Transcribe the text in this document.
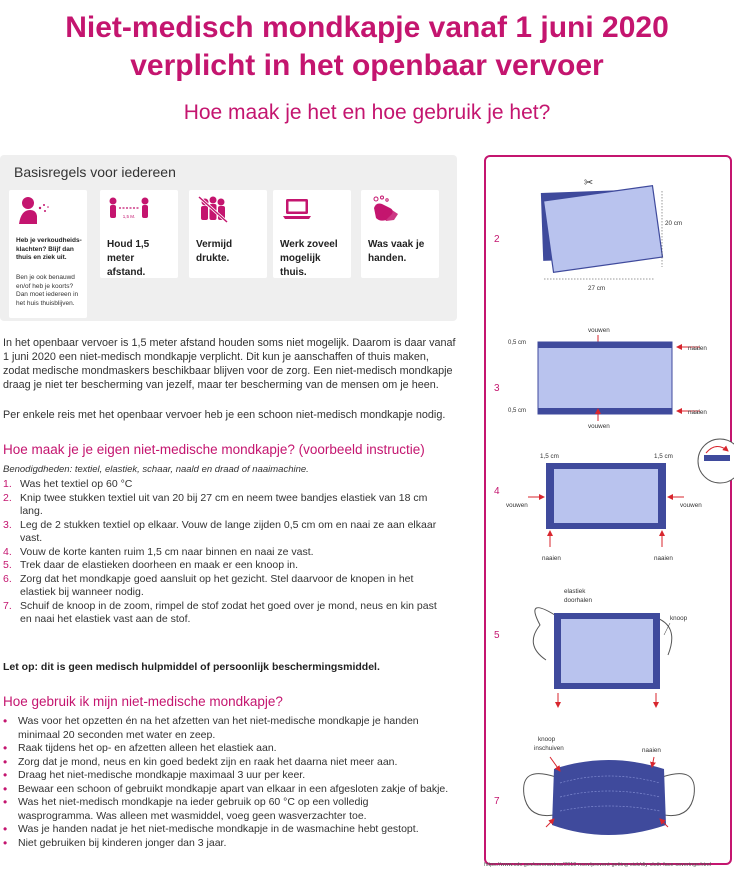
Niet-medisch mondkapje vanaf 1 juni 2020
verplicht in het openbaar vervoer
Hoe maak je het en hoe gebruik je het?
Basisregels voor iedereen
Heb je verkoudheids-klachten? Blijf dan thuis en ziek uit.
Ben je ook benauwd en/of heb je koorts? Dan moet iedereen in het huis thuisblijven.
1,5 M.
Houd 1,5 meter afstand.
Vermijd drukte.
Werk zoveel mogelijk thuis.
Was vaak je handen.
In het openbaar vervoer is 1,5 meter afstand houden soms niet mogelijk. Daarom is daar vanaf
1 juni 2020 een niet-medisch mondkapje verplicht. Dit kun je aanschaffen of thuis maken,
zodat medische mondmaskers beschikbaar blijven voor de zorg. Een niet-medisch mondkapje
draag je niet ter bescherming van jezelf, maar ter bescherming van de mensen om je heen.
Per enkele reis met het openbaar vervoer heb je een schoon niet-medisch mondkapje nodig.
Hoe maak je je eigen niet-medische mondkapje? (voorbeeld instructie)
Benodigdheden: textiel, elastiek, schaar, naald en draad of naaimachine.
1. Was het textiel op 60 °C
2. Knip twee stukken textiel uit van 20 bij 27 cm en neem twee bandjes elastiek van 18 cm
lang.
3. Leg de 2 stukken textiel op elkaar. Vouw de lange zijden 0,5 cm om en naai ze aan elkaar
vast.
4. Vouw de korte kanten ruim 1,5 cm naar binnen en naai ze vast.
5. Trek daar de elastieken doorheen en maak er een knoop in.
6. Zorg dat het mondkapje goed aansluit op het gezicht. Stel daarvoor de knopen in het
elastiek bij wanneer nodig.
7. Schuif de knoop in de zoom, rimpel de stof zodat het goed over je mond, neus en kin past
en naai het elastiek vast aan de stof.
Let op: dit is geen medisch hulpmiddel of persoonlijk beschermingsmiddel.
Hoe gebruik ik mijn niet-medische mondkapje?
• Was voor het opzetten én na het afzetten van het niet-medische mondkapje je handen
minimaal 20 seconden met water en zeep.
• Raak tijdens het op- en afzetten alleen het elastiek aan.
• Zorg dat je mond, neus en kin goed bedekt zijn en raak het daarna niet meer aan.
• Draag het niet-medische mondkapje maximaal 3 uur per keer.
• Bewaar een schoon of gebruikt mondkapje apart van elkaar in een afgesloten zakje of bakje.
• Was het niet-medisch mondkapje na ieder gebruik op 60 °C op een volledig
wasprogramma. Was alleen met wasmiddel, voeg geen wasverzachter toe.
• Was je handen nadat je het niet-medische mondkapje in de wasmachine hebt gestopt.
• Niet gebruiken bij kinderen jonger dan 3 jaar.
2
✂
20 cm
27 cm
3
vouwen
0,5 cm
0,5 cm
naaien
naaien
vouwen
4
1,5 cm	1,5 cm
vouwen	vouwen
naaien	naaien
5
elastiek
doorhalen
knoop
7
knoop
inschuiven	naaien
https://www.cdc.gov/coronavirus/2019-ncov/prevent-getting-sick/diy-cloth-face-coverings.html
